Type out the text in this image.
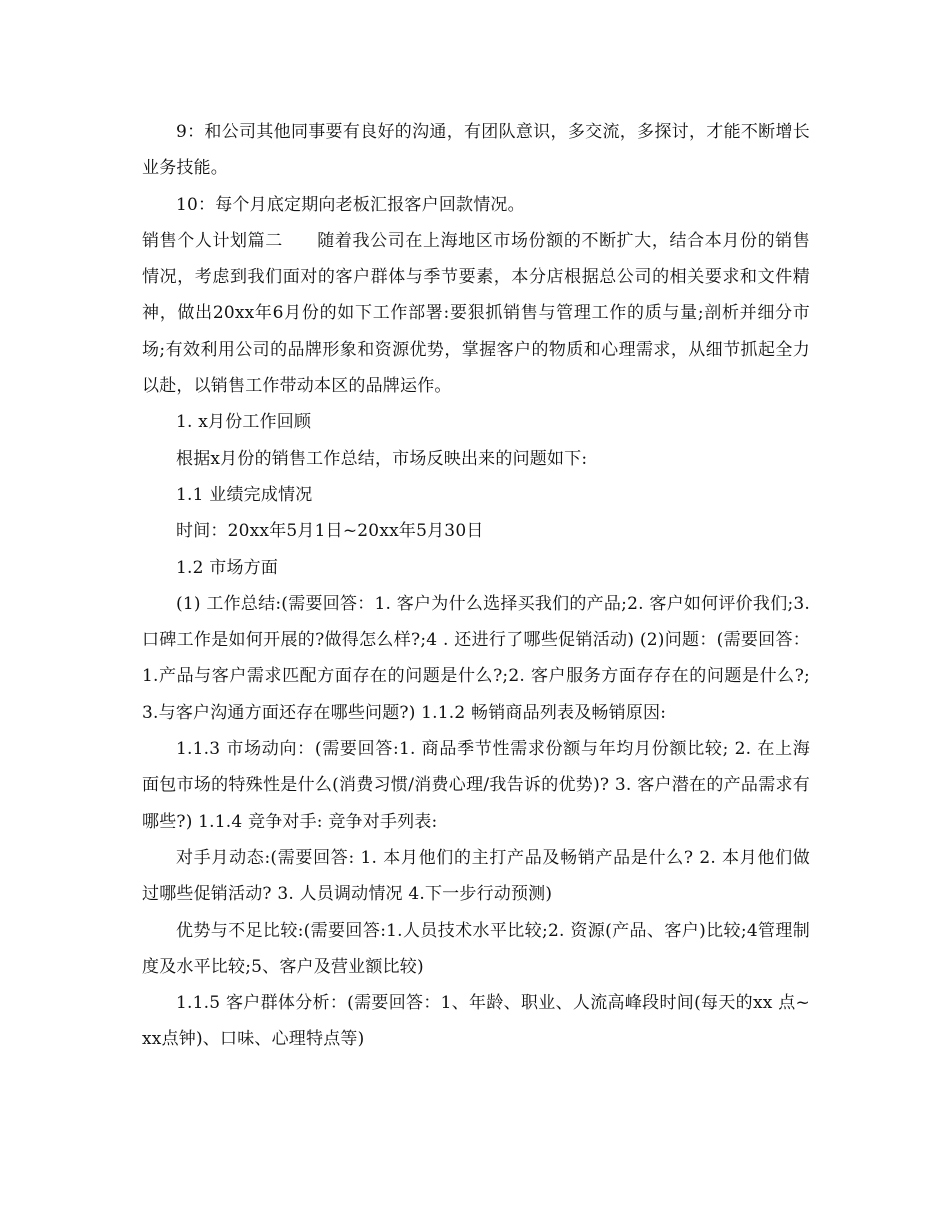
9：和公司其他同事要有良好的沟通，有团队意识，多交流，多探讨，才能不断增长业务技能。

10：每个月底定期向老板汇报客户回款情况。

销售个人计划篇二 随着我公司在上海地区市场份额的不断扩大，结合本月份的销售情况，考虑到我们面对的客户群体与季节要素，本分店根据总公司的相关要求和文件精神，做出20xx年6月份的如下工作部署:要狠抓销售与管理工作的质与量;剖析并细分市场;有效利用公司的品牌形象和资源优势，掌握客户的物质和心理需求，从细节抓起全力以赴，以销售工作带动本区的品牌运作。

1. x月份工作回顾

根据x月份的销售工作总结，市场反映出来的问题如下:

1.1 业绩完成情况

时间：20xx年5月1日~20xx年5月30日

1.2 市场方面

(1) 工作总结:(需要回答：1. 客户为什么选择买我们的产品;2. 客户如何评价我们;3. 口碑工作是如何开展的?做得怎么样?;4 . 还进行了哪些促销活动) (2)问题：(需要回答：1.产品与客户需求匹配方面存在的问题是什么?;2. 客户服务方面存存在的问题是什么?;3.与客户沟通方面还存在哪些问题?) 1.1.2 畅销商品列表及畅销原因:

1.1.3 市场动向：(需要回答:1. 商品季节性需求份额与年均月份额比较; 2. 在上海面包市场的特殊性是什么(消费习惯/消费心理/我告诉的优势)? 3. 客户潜在的产品需求有哪些?) 1.1.4 竞争对手: 竞争对手列表:

对手月动态:(需要回答: 1. 本月他们的主打产品及畅销产品是什么? 2. 本月他们做过哪些促销活动? 3. 人员调动情况 4.下一步行动预测)

优势与不足比较:(需要回答:1.人员技术水平比较;2. 资源(产品、客户)比较;4管理制度及水平比较;5、客户及营业额比较)

1.1.5 客户群体分析：(需要回答：1、年龄、职业、人流高峰段时间(每天的xx 点~xx点钟)、口味、心理特点等)
